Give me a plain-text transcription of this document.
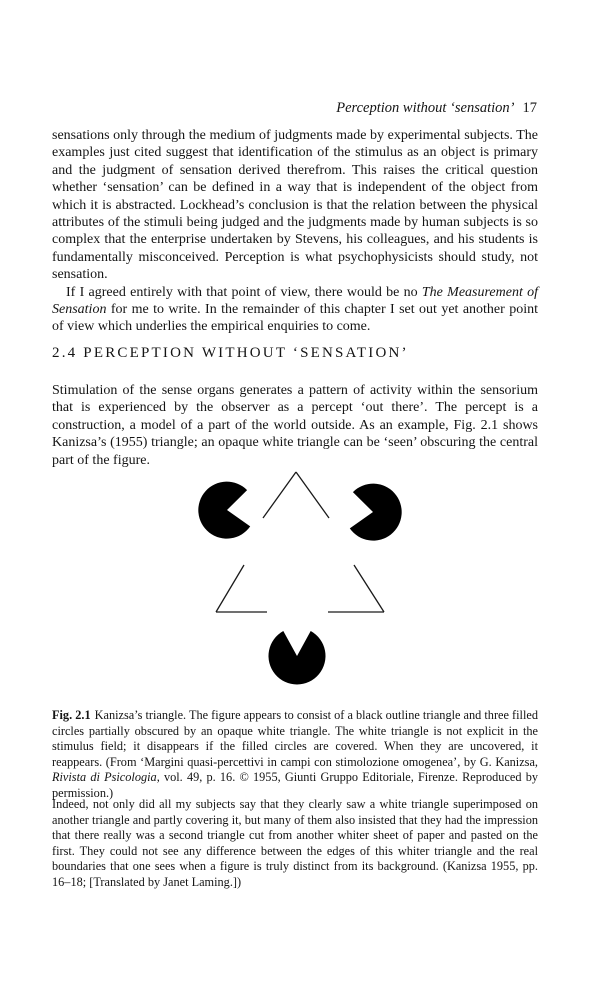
Perception without ‘sensation’ 17

sensations only through the medium of judgments made by experimental subjects. The examples just cited suggest that identification of the stimulus as an object is primary and the judgment of sensation derived therefrom. This raises the critical question whether ‘sensation’ can be defined in a way that is independent of the object from which it is abstracted. Lockhead’s conclusion is that the relation between the physical attributes of the stimuli being judged and the judgments made by human subjects is so complex that the enterprise undertaken by Stevens, his colleagues, and his students is fundamentally misconceived. Perception is what psychophysicists should study, not sensation.

If I agreed entirely with that point of view, there would be no The Measurement of Sensation for me to write. In the remainder of this chapter I set out yet another point of view which underlies the empirical enquiries to come.

2.4 PERCEPTION WITHOUT ‘SENSATION’

Stimulation of the sense organs generates a pattern of activity within the sensorium that is experienced by the observer as a percept ‘out there’. The percept is a construction, a model of a part of the world outside. As an example, Fig. 2.1 shows Kanizsa’s (1955) triangle; an opaque white triangle can be ‘seen’ obscuring the central part of the figure.

Fig. 2.1 Kanizsa’s triangle. The figure appears to consist of a black outline triangle and three filled circles partially obscured by an opaque white triangle. The white triangle is not explicit in the stimulus field; it disappears if the filled circles are covered. When they are uncovered, it reappears. (From ‘Margini quasi-percettivi in campi con stimolozione omogenea’, by G. Kanizsa, Rivista di Psicologia, vol. 49, p. 16. © 1955, Giunti Gruppo Editoriale, Firenze. Reproduced by permission.)
Indeed, not only did all my subjects say that they clearly saw a white triangle superimposed on another triangle and partly covering it, but many of them also insisted that they had the impression that there really was a second triangle cut from another whiter sheet of paper and pasted on the first. They could not see any difference between the edges of this whiter triangle and the real boundaries that one sees when a figure is truly distinct from its background. (Kanizsa 1955, pp. 16–18; [Translated by Janet Laming.])
